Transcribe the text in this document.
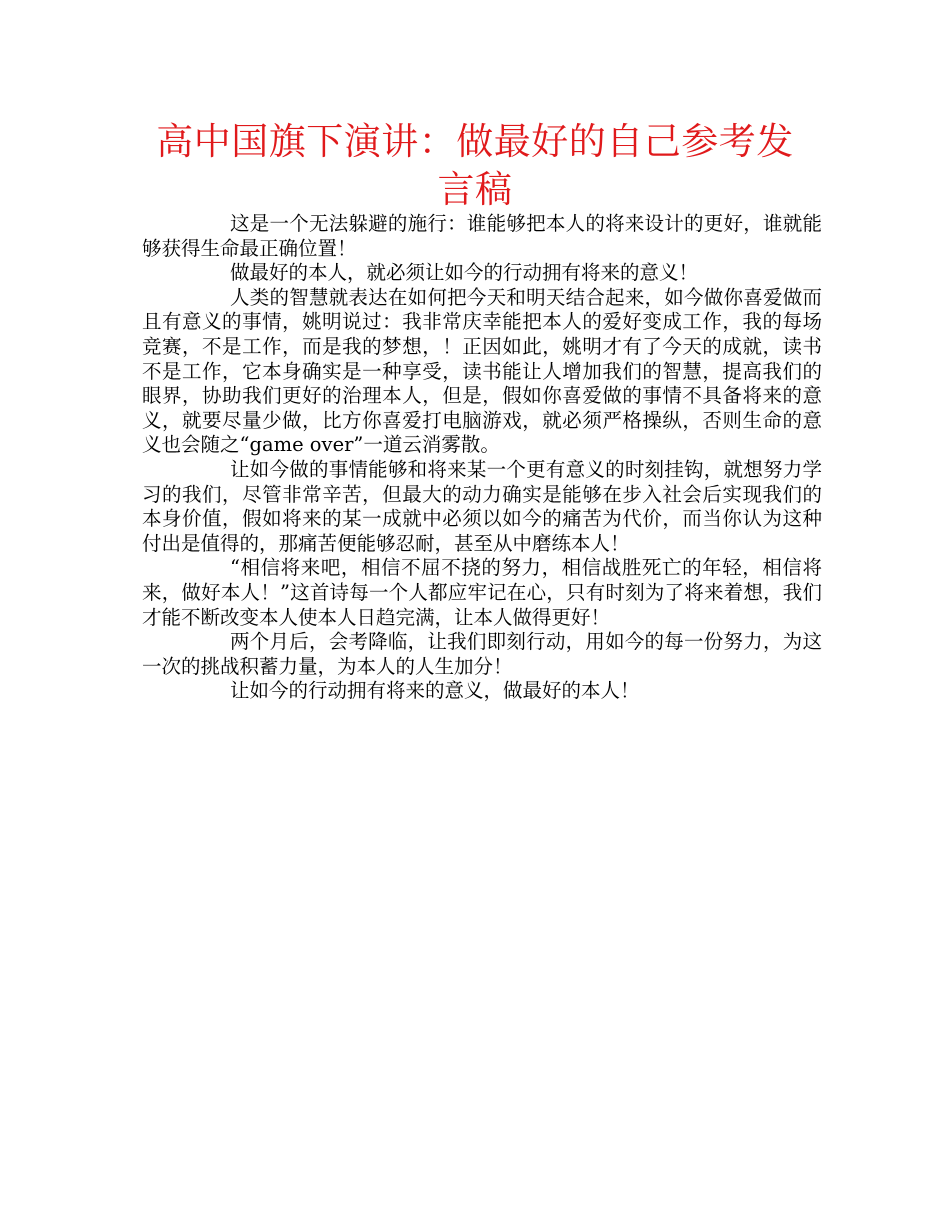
高中国旗下演讲：做最好的自己参考发言稿

这是一个无法躲避的施行：谁能够把本人的将来设计的更好，谁就能够获得生命最正确位置！

做最好的本人，就必须让如今的行动拥有将来的意义！

人类的智慧就表达在如何把今天和明天结合起来，如今做你喜爱做而且有意义的事情，姚明说过：我非常庆幸能把本人的爱好变成工作，我的每场竞赛，不是工作，而是我的梦想，！正因如此，姚明才有了今天的成就，读书不是工作，它本身确实是一种享受，读书能让人增加我们的智慧，提高我们的眼界，协助我们更好的治理本人，但是，假如你喜爱做的事情不具备将来的意义，就要尽量少做，比方你喜爱打电脑游戏，就必须严格操纵，否则生命的意义也会随之“game over”一道云消雾散。

让如今做的事情能够和将来某一个更有意义的时刻挂钩，就想努力学习的我们，尽管非常辛苦，但最大的动力确实是能够在步入社会后实现我们的本身价值，假如将来的某一成就中必须以如今的痛苦为代价，而当你认为这种付出是值得的，那痛苦便能够忍耐，甚至从中磨练本人！

“相信将来吧，相信不屈不挠的努力，相信战胜死亡的年轻，相信将来，做好本人！”这首诗每一个人都应牢记在心，只有时刻为了将来着想，我们才能不断改变本人使本人日趋完满，让本人做得更好！

两个月后，会考降临，让我们即刻行动，用如今的每一份努力，为这一次的挑战积蓄力量，为本人的人生加分！

让如今的行动拥有将来的意义，做最好的本人！
